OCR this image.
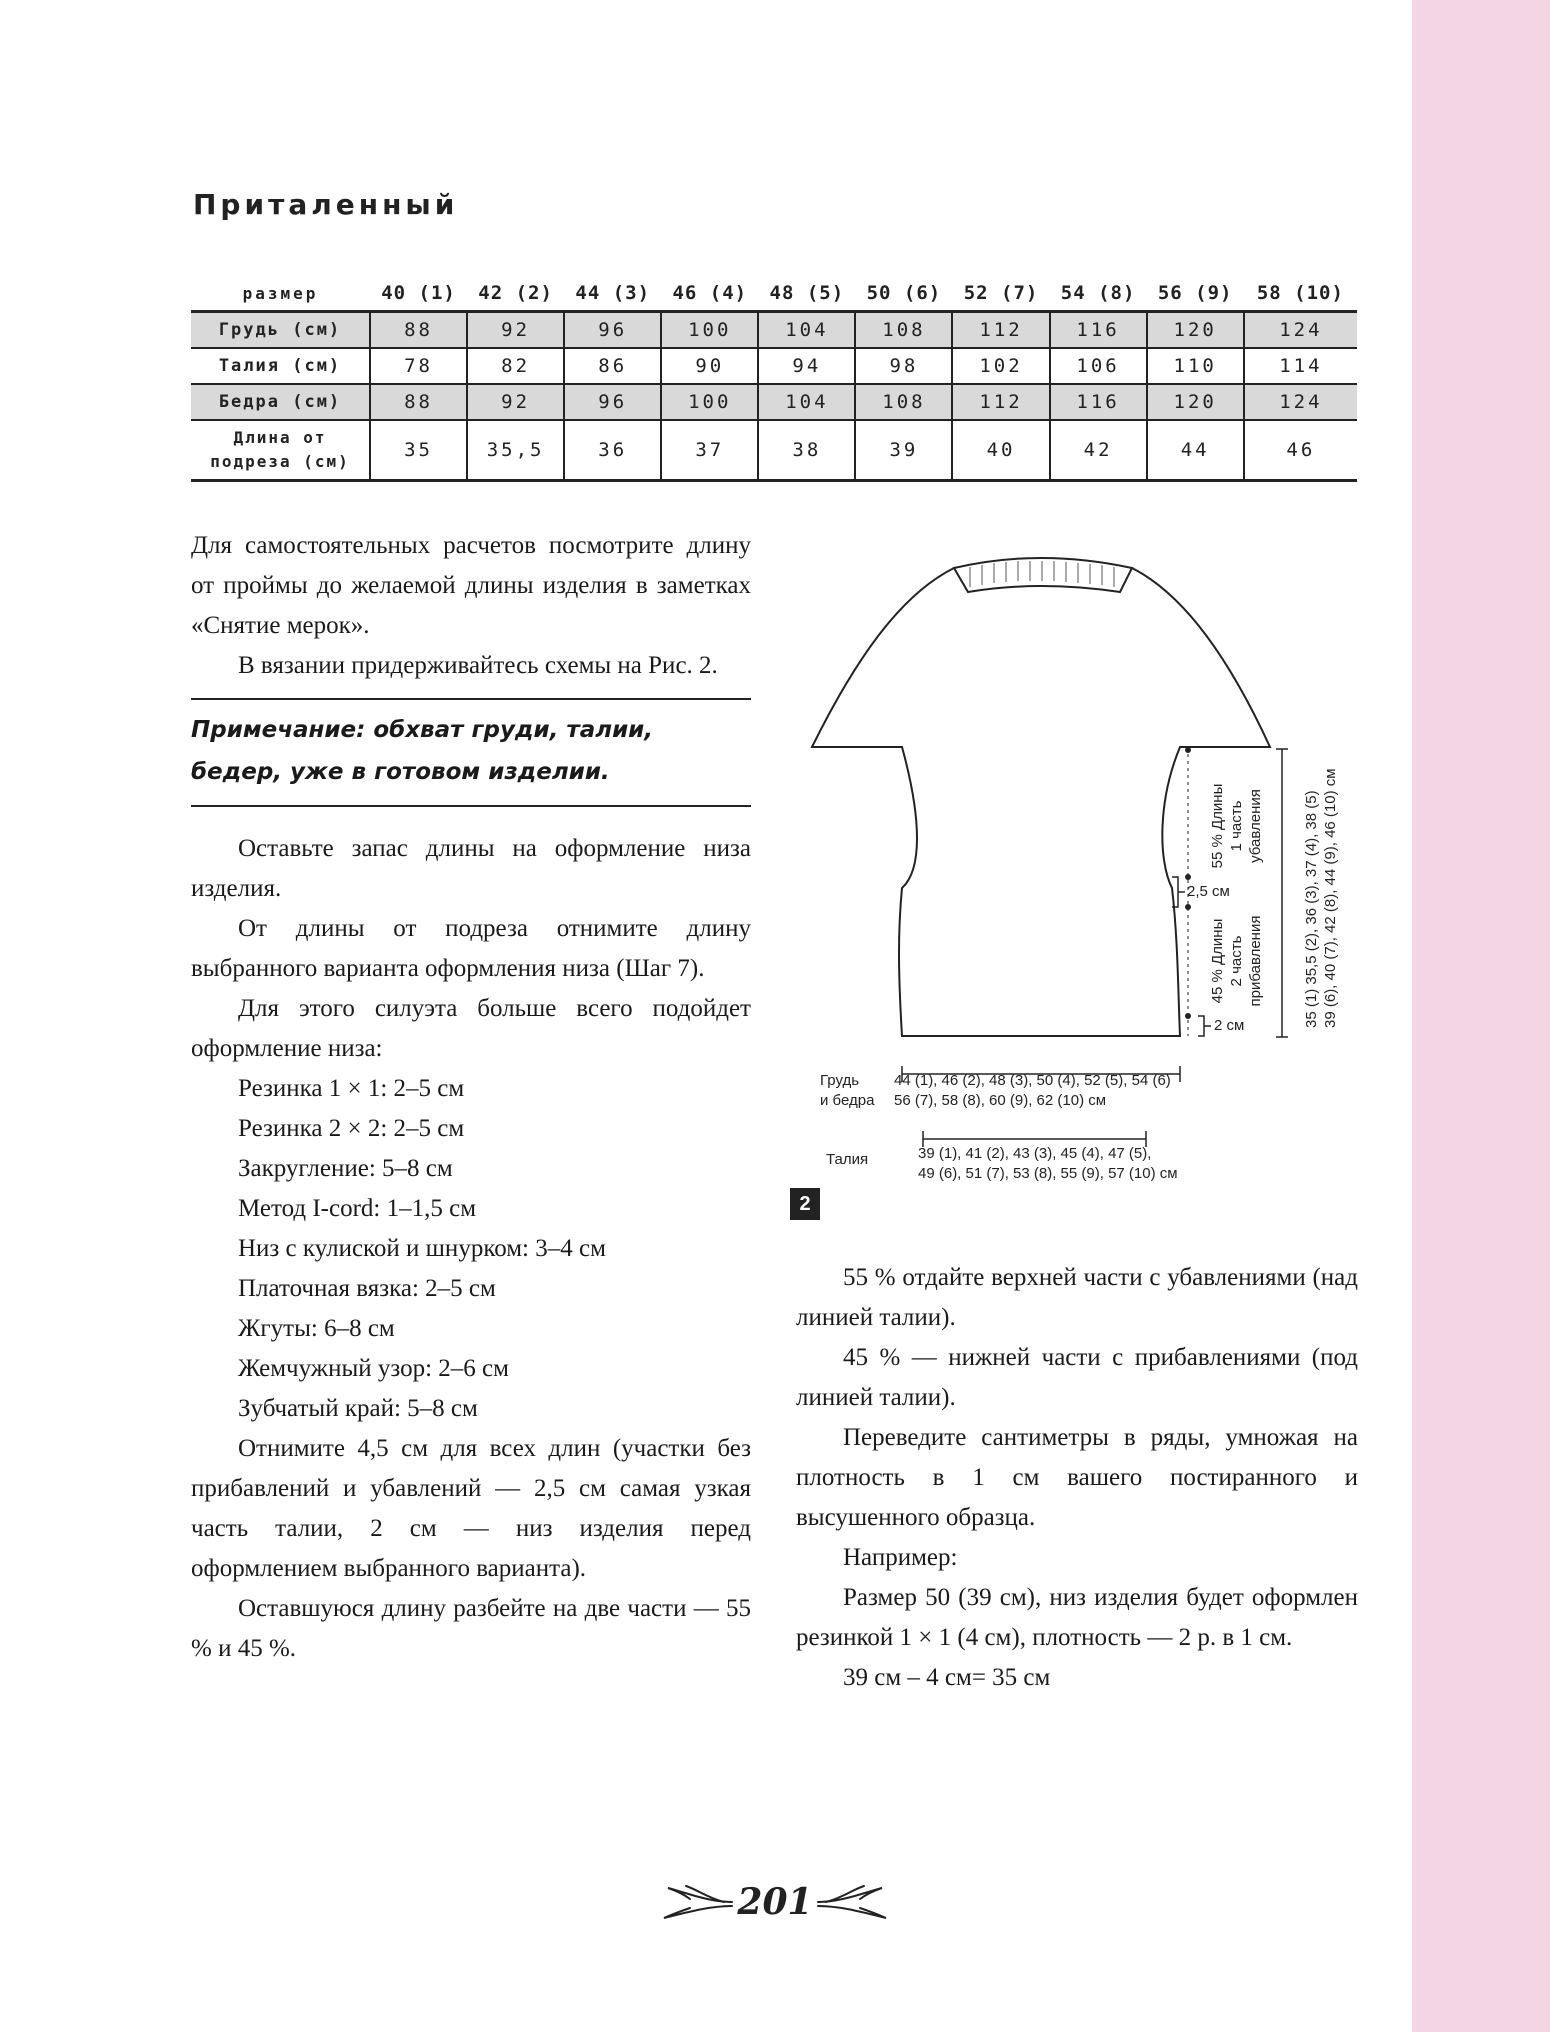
Приталенный
размер	40 (1)	42 (2)	44 (3)	46 (4)	48 (5)	50 (6)	52 (7)	54 (8)	56 (9)	58 (10)
Грудь (см)	88	92	96	100	104	108	112	116	120	124
Талия (см)	78	82	86	90	94	98	102	106	110	114
Бедра (см)	88	92	96	100	104	108	112	116	120	124
Длина от
подреза (см)	35	35,5	36	37	38	39	40	42	44	46

Для самостоятельных расчетов посмотрите длину от проймы до желаемой длины изделия в заметках «Снятие мерок».

В вязании придерживайтесь схемы на Рис. 2.

Примечание: обхват груди, талии, бедер, уже в готовом изделии.

Оставьте запас длины на оформление низа изделия.

От длины от подреза отнимите длину выбранного варианта оформления низа (Шаг 7).

Для этого силуэта больше всего подойдет оформление низа:

Резинка 1 × 1: 2–5 см

Резинка 2 × 2: 2–5 см

Закругление: 5–8 см

Метод I-cord: 1–1,5 см

Низ с кулиской и шнурком: 3–4 см

Платочная вязка: 2–5 см

Жгуты: 6–8 см

Жемчужный узор: 2–6 см

Зубчатый край: 5–8 см

Отнимите 4,5 см для всех длин (участки без прибавлений и убавлений — 2,5 см самая узкая часть талии, 2 см — низ изделия перед оформлением выбранного варианта).

Оставшуюся длину разбейте на две части — 55 % и 45 %.

55 % Длины 1 часть убавления
2,5 см
45 % Длины 2 часть прибавления
2 см	35 (1) 35,5 (2), 36 (3), 37 (4), 38 (5) 39 (6), 40 (7), 42 (8), 44 (9), 46 (10) см
Грудь
и бедра
44 (1), 46 (2), 48 (3), 50 (4), 52 (5), 54 (6)
56 (7), 58 (8), 60 (9), 62 (10) см
Талия	39 (1), 41 (2), 43 (3), 45 (4), 47 (5),
49 (6), 51 (7), 53 (8), 55 (9), 57 (10) см
2

55 % отдайте верхней части с убавлениями (над линией талии).

45 % — нижней части с прибавлениями (под линией талии).

Переведите сантиметры в ряды, умножая на плотность в 1 см вашего постиранного и высушенного образца.

Например:

Размер 50 (39 см), низ изделия будет оформлен резинкой 1 × 1 (4 см), плотность — 2 р. в 1 см.

39 см – 4 см= 35 см

201
